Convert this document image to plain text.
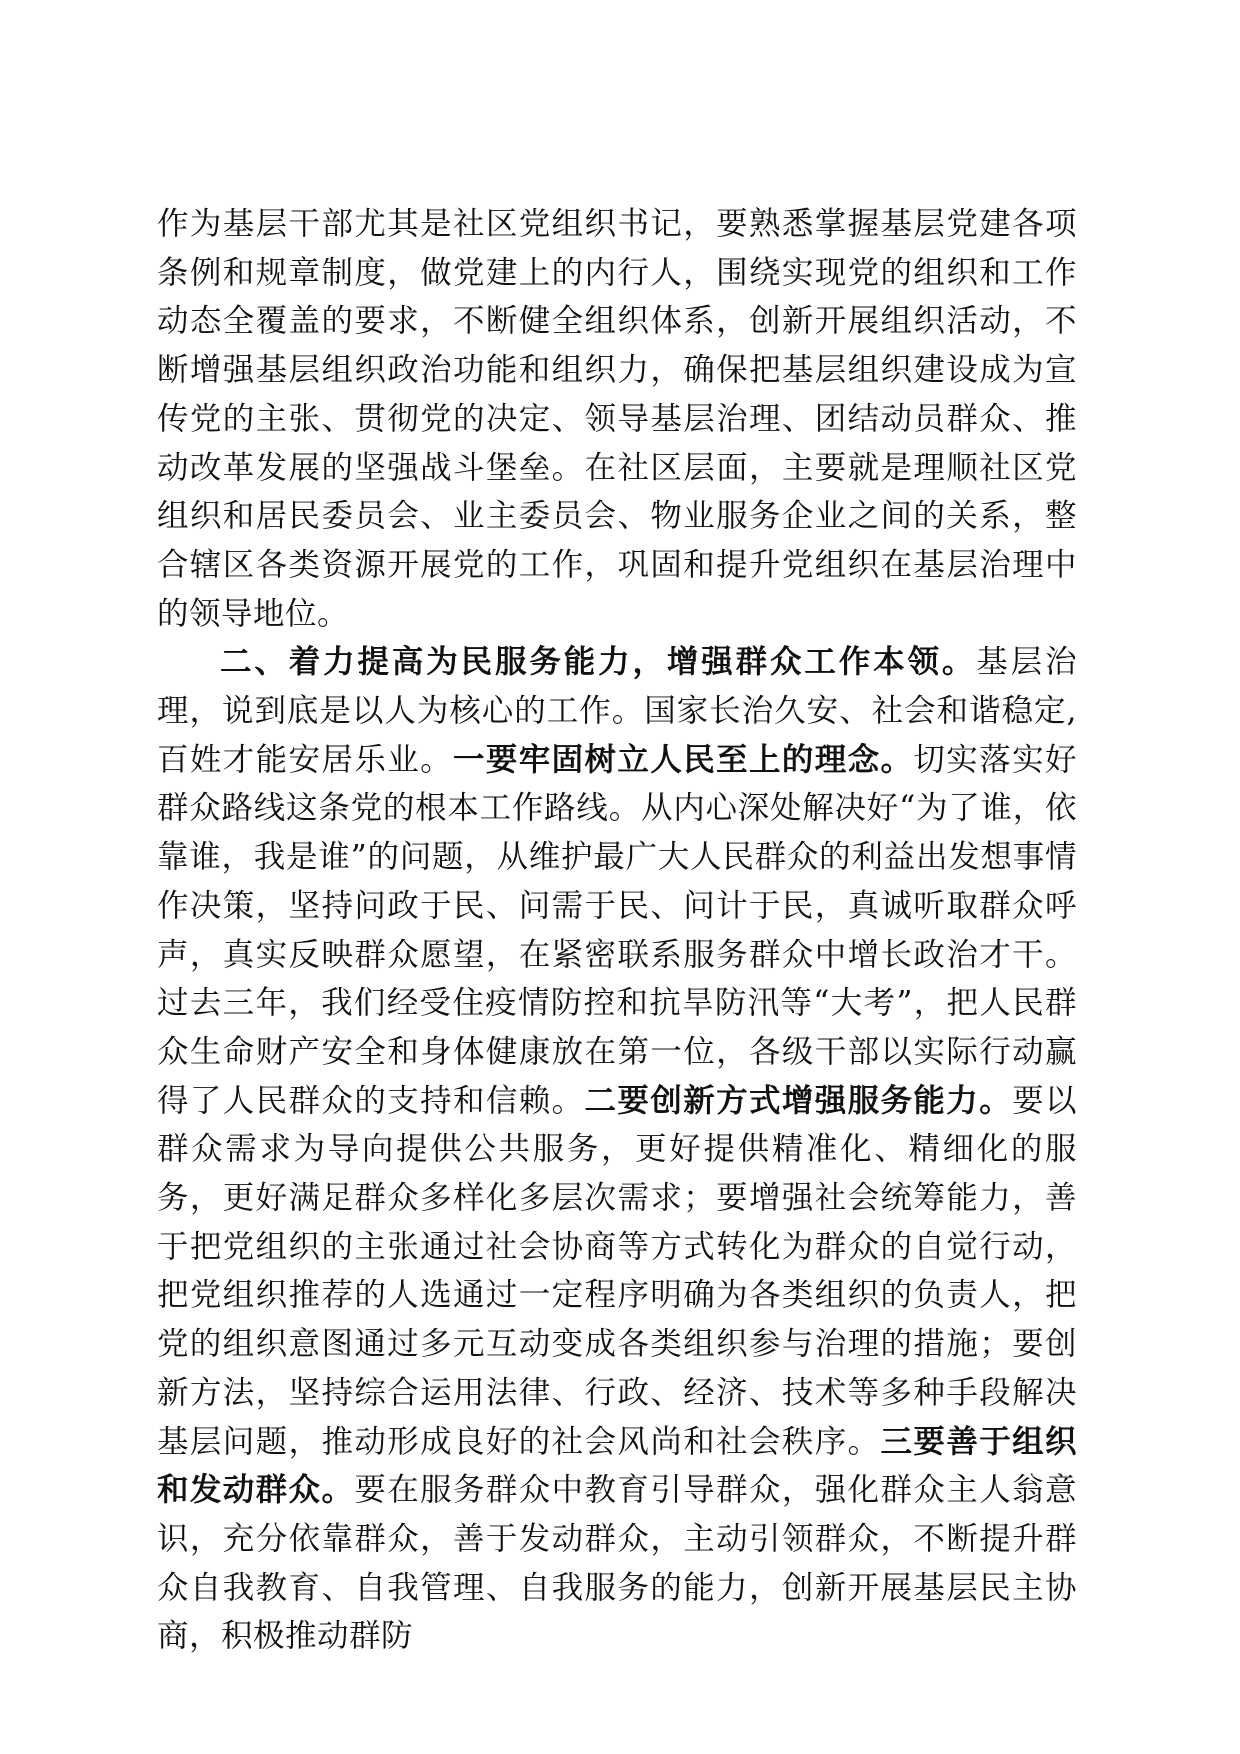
作为基层干部尤其是社区党组织书记，要熟悉掌握基层党建各项条例和规章制度，做党建上的内行人，围绕实现党的组织和工作动态全覆盖的要求，不断健全组织体系，创新开展组织活动，不断增强基层组织政治功能和组织力，确保把基层组织建设成为宣传党的主张、贯彻党的决定、领导基层治理、团结动员群众、推动改革发展的坚强战斗堡垒。在社区层面，主要就是理顺社区党组织和居民委员会、业主委员会、物业服务企业之间的关系，整合辖区各类资源开展党的工作，巩固和提升党组织在基层治理中的领导地位。

二、着力提高为民服务能力，增强群众工作本领。基层治理，说到底是以人为核心的工作。国家长治久安、社会和谐稳定,百姓才能安居乐业。一要牢固树立人民至上的理念。切实落实好群众路线这条党的根本工作路线。从内心深处解决好“为了谁，依靠谁，我是谁”的问题，从维护最广大人民群众的利益出发想事情作决策，坚持问政于民、问需于民、问计于民，真诚听取群众呼声，真实反映群众愿望，在紧密联系服务群众中增长政治才干。过去三年，我们经受住疫情防控和抗旱防汛等“大考”，把人民群众生命财产安全和身体健康放在第一位，各级干部以实际行动赢得了人民群众的支持和信赖。二要创新方式增强服务能力。要以群众需求为导向提供公共服务，更好提供精准化、精细化的服务，更好满足群众多样化多层次需求；要增强社会统筹能力，善于把党组织的主张通过社会协商等方式转化为群众的自觉行动，把党组织推荐的人选通过一定程序明确为各类组织的负责人，把党的组织意图通过多元互动变成各类组织参与治理的措施；要创新方法，坚持综合运用法律、行政、经济、技术等多种手段解决基层问题，推动形成良好的社会风尚和社会秩序。三要善于组织和发动群众。要在服务群众中教育引导群众，强化群众主人翁意识，充分依靠群众，善于发动群众，主动引领群众，不断提升群众自我教育、自我管理、自我服务的能力，创新开展基层民主协商，积极推动群防
